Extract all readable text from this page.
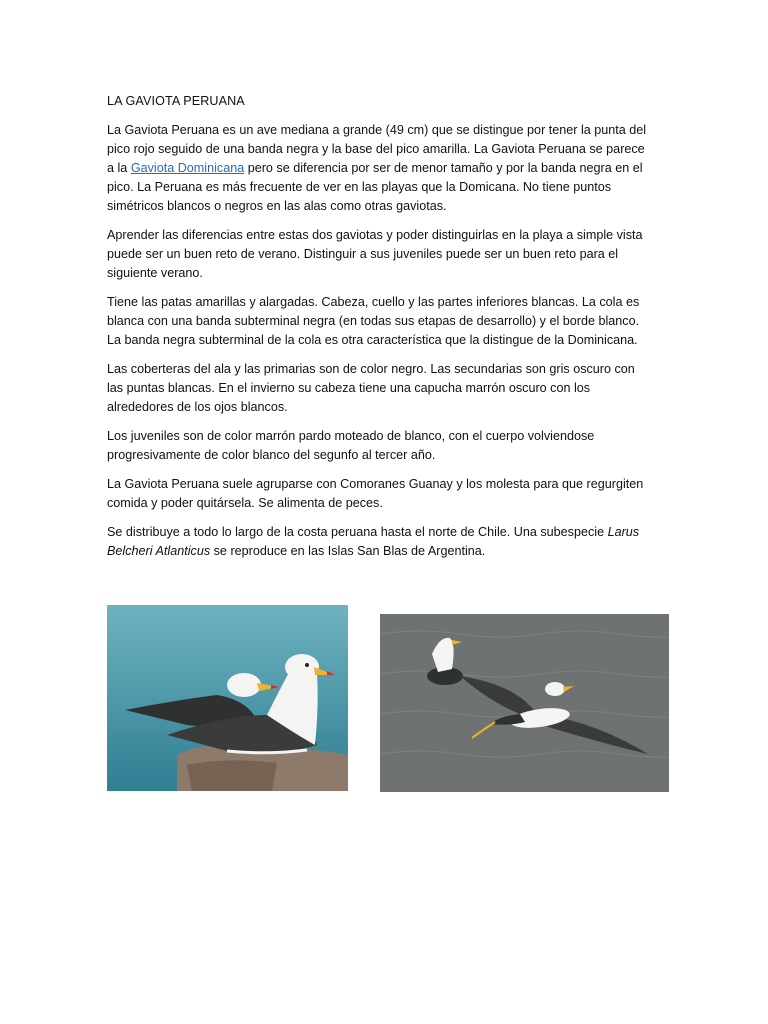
LA GAVIOTA PERUANA

La Gaviota Peruana es un ave mediana a grande (49 cm) que se distingue por tener la punta del pico rojo seguido de una banda negra y la base del pico amarilla. La Gaviota Peruana se parece a la Gaviota Dominicana pero se diferencia por ser de menor tamaño y por la banda negra en el pico. La Peruana es más frecuente de ver en las playas que la Domicana. No tiene puntos simétricos blancos o negros en las alas como otras gaviotas.

Aprender las diferencias entre estas dos gaviotas y poder distinguirlas en la playa a simple vista puede ser un buen reto de verano. Distinguir a sus juveniles puede ser un buen reto para el siguiente verano.

Tiene las patas amarillas y alargadas. Cabeza, cuello y las partes inferiores blancas. La cola es blanca con una banda subterminal negra (en todas sus etapas de desarrollo) y el borde blanco. La banda negra subterminal de la cola es otra característica que la distingue de la Dominicana.

Las coberteras del ala y las primarias son de color negro. Las secundarias son gris oscuro con las puntas blancas. En el invierno su cabeza tiene una capucha marrón oscuro con los alrededores de los ojos blancos.

Los juveniles son de color marrón pardo moteado de blanco, con el cuerpo volviendose progresivamente de color blanco del segunfo al tercer año.

La Gaviota Peruana suele agruparse con Comoranes Guanay y los molesta para que regurgiten comida y poder quitársela. Se alimenta de peces.

Se distribuye a todo lo largo de la costa peruana hasta el norte de Chile. Una subespecie Larus Belcheri Atlanticus se reproduce en las Islas San Blas de Argentina.
